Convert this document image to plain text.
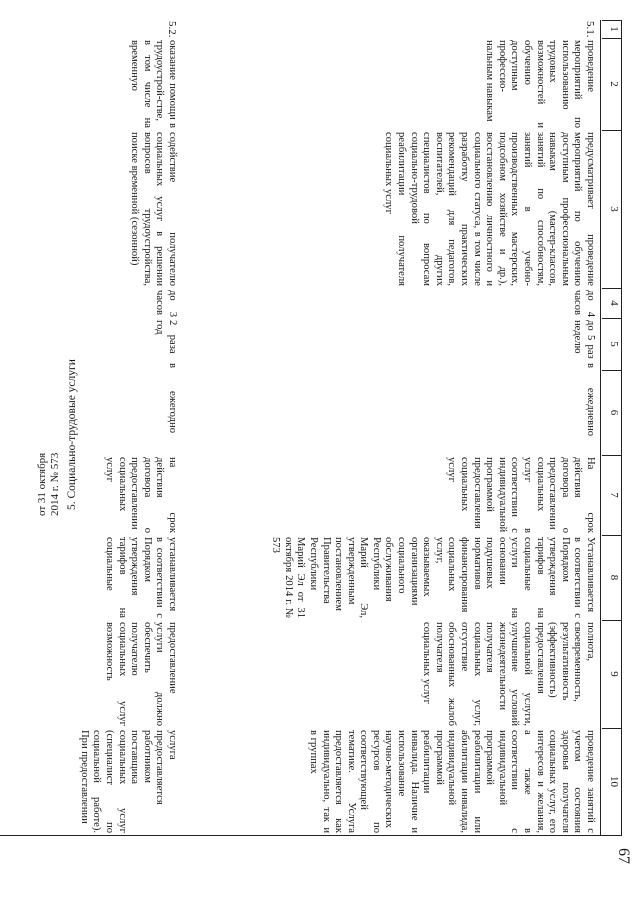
67
1
2
3
4
5
6
7
8
9
10
от 31 октября 2014 г. № 573 5. Социально-трудовые услуги
5.1.
проведение мероприятий по использованию трудовых возможностей и обучению доступным профессио-нальным навыкам
предусматривает проведение мероприятий по обучению доступным профессиональным навыкам (мастер-классов, занятий по способностям, занятий в учебно-производственных мастерских, подсобном хозяйстве и др.), восстановлению личностного и социального статуса, в том числе разработку практических рекомендаций для педагогов, воспитателей, других специалистов по вопросам социально-трудовой реабилитации получателя социальных услуг
до 4 часов
до 5 раз в неделю
ежедневно
На срок действия договора о предоставлении социальных услуг в соответствии с индивидуальной программой предоставления социальных услуг
Устанавливается в соответствии с Порядком утверждения тарифов на социальные услуги на основании подушевых нормативов финансирования социальных услуг, оказываемых организациями социального обслуживания Республики Марий Эл, утвержденным постановлением Правительства Республики Марий Эл от 31 октября 2014 г. № 573
полнота, своевременность, результативность (эффективность) предоставления социальной услуги, улучшение условий жизнедеятельности получателя социальных услуг, отсутствие обоснованных жалоб получателя социальных услуг
проведение занятий с учетом состояния здоровья получателя социальных услуг, его интересов и желания, а также в соответствии с индивидуальной программой реабилитации или абилитации инвалида, индивидуальной программой реабилитации инвалида. Наличие и использование научно-методических ресурсов по соответствующей тематике. Услуга предоставляется как индивидуально, так и в группах
5.2.
оказание помощи в трудоустрой-стве, в том числе на временную
содействие получателю социальных услуг в решении вопросов трудоустройства, поиске временной (сезонной)
до 3 часов
2 раза в год
ежегодно
на срок действия договора о предоставлении социальных услуг
устанавливается в соответствии с Порядком утверждения тарифов на социальные
предоставление услуги должно обеспечить получателю социальных услуг возможность
услуга предоставляется работником поставщика социальных услуг (специалист по социальной работе). При предоставлении
